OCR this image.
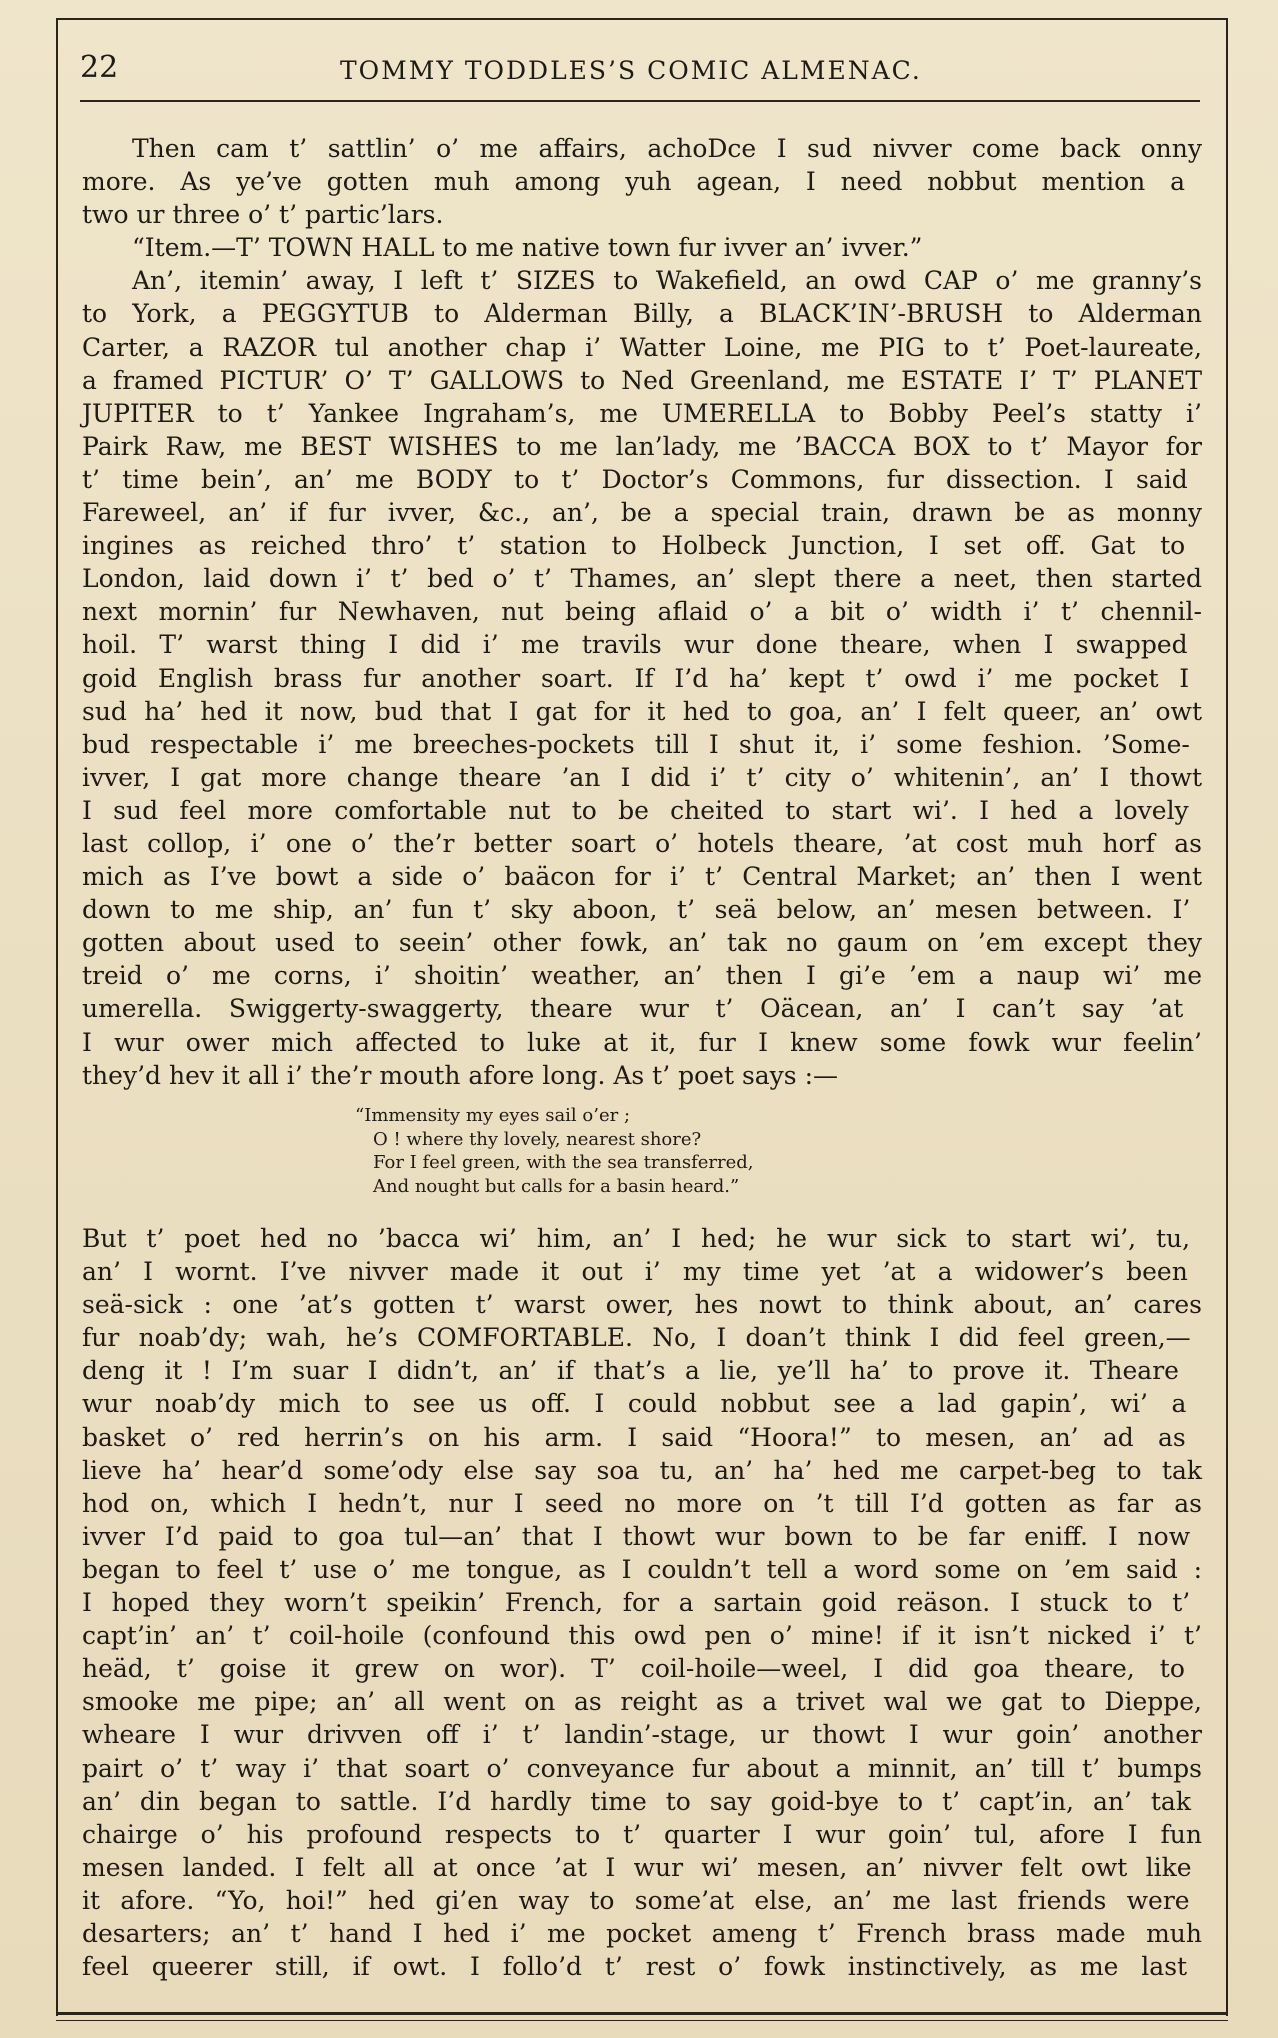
22	TOMMY TODDLES’S COMIC ALMENAC.
Then cam t’ sattlin’ o’ me affairs, achoDce I sud nivver come back onny
more. As ye’ve gotten muh among yuh agean, I need nobbut mention a
two ur three o’ t’ partic’lars.
“Item.—T’ TOWN HALL to me native town fur ivver an’ ivver.”
An’, itemin’ away, I left t’ SIZES to Wakefield, an owd CAP o’ me granny’s
to York, a PEGGYTUB to Alderman Billy, a BLACK’IN’-BRUSH to Alderman
Carter, a RAZOR tul another chap i’ Watter Loine, me PIG to t’ Poet-laureate,
a framed PICTUR’ O’ T’ GALLOWS to Ned Greenland, me ESTATE I’ T’ PLANET
JUPITER to t’ Yankee Ingraham’s, me UMERELLA to Bobby Peel’s statty i’
Pairk Raw, me BEST WISHES to me lan’lady, me ’BACCA BOX to t’ Mayor for
t’ time bein’, an’ me BODY to t’ Doctor’s Commons, fur dissection. I said
Fareweel, an’ if fur ivver, &c., an’, be a special train, drawn be as monny
ingines as reiched thro’ t’ station to Holbeck Junction, I set off. Gat to
London, laid down i’ t’ bed o’ t’ Thames, an’ slept there a neet, then started
next mornin’ fur Newhaven, nut being aflaid o’ a bit o’ width i’ t’ chennil-
hoil. T’ warst thing I did i’ me travils wur done theare, when I swapped
goid English brass fur another soart. If I’d ha’ kept t’ owd i’ me pocket I
sud ha’ hed it now, bud that I gat for it hed to goa, an’ I felt queer, an’ owt
bud respectable i’ me breeches-pockets till I shut it, i’ some feshion. ’Some-
ivver, I gat more change theare ’an I did i’ t’ city o’ whitenin’, an’ I thowt
I sud feel more comfortable nut to be cheited to start wi’. I hed a lovely
last collop, i’ one o’ the’r better soart o’ hotels theare, ’at cost muh horf as
mich as I’ve bowt a side o’ baäcon for i’ t’ Central Market; an’ then I went
down to me ship, an’ fun t’ sky aboon, t’ seä below, an’ mesen between. I’
gotten about used to seein’ other fowk, an’ tak no gaum on ’em except they
treid o’ me corns, i’ shoitin’ weather, an’ then I gi’e ’em a naup wi’ me
umerella. Swiggerty-swaggerty, theare wur t’ Oäcean, an’ I can’t say ’at
I wur ower mich affected to luke at it, fur I knew some fowk wur feelin’
they’d hev it all i’ the’r mouth afore long. As t’ poet says :—
“Immensity my eyes sail o’er ;
O ! where thy lovely, nearest shore?
For I feel green, with the sea transferred,
And nought but calls for a basin heard.”
But t’ poet hed no ’bacca wi’ him, an’ I hed; he wur sick to start wi’, tu,
an’ I wornt. I’ve nivver made it out i’ my time yet ’at a widower’s been
seä-sick : one ’at’s gotten t’ warst ower, hes nowt to think about, an’ cares
fur noab’dy; wah, he’s COMFORTABLE. No, I doan’t think I did feel green,—
deng it ! I’m suar I didn’t, an’ if that’s a lie, ye’ll ha’ to prove it. Theare
wur noab’dy mich to see us off. I could nobbut see a lad gapin’, wi’ a
basket o’ red herrin’s on his arm. I said “Hoora!” to mesen, an’ ad as
lieve ha’ hear’d some’ody else say soa tu, an’ ha’ hed me carpet-beg to tak
hod on, which I hedn’t, nur I seed no more on ’t till I’d gotten as far as
ivver I’d paid to goa tul—an’ that I thowt wur bown to be far eniff. I now
began to feel t’ use o’ me tongue, as I couldn’t tell a word some on ’em said :
I hoped they worn’t speikin’ French, for a sartain goid reäson. I stuck to t’
capt’in’ an’ t’ coil-hoile (confound this owd pen o’ mine! if it isn’t nicked i’ t’
heäd, t’ goise it grew on wor). T’ coil-hoile—weel, I did goa theare, to
smooke me pipe; an’ all went on as reight as a trivet wal we gat to Dieppe,
wheare I wur drivven off i’ t’ landin’-stage, ur thowt I wur goin’ another
pairt o’ t’ way i’ that soart o’ conveyance fur about a minnit, an’ till t’ bumps
an’ din began to sattle. I’d hardly time to say goid-bye to t’ capt’in, an’ tak
chairge o’ his profound respects to t’ quarter I wur goin’ tul, afore I fun
mesen landed. I felt all at once ’at I wur wi’ mesen, an’ nivver felt owt like
it afore. “Yo, hoi!” hed gi’en way to some’at else, an’ me last friends were
desarters; an’ t’ hand I hed i’ me pocket ameng t’ French brass made muh
feel queerer still, if owt. I follo’d t’ rest o’ fowk instinctively, as me last
